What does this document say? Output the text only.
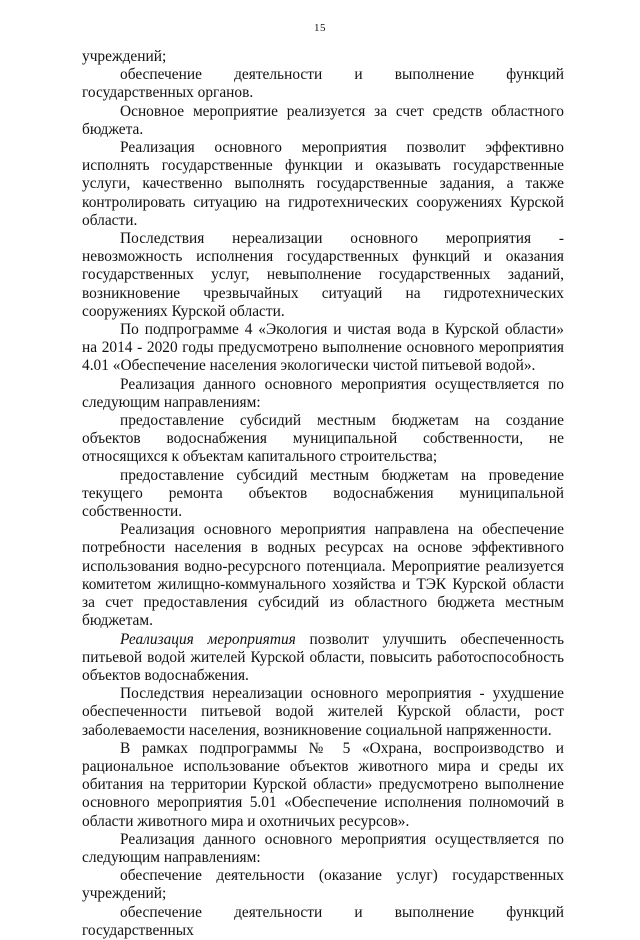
15

учреждений;

обеспечение деятельности и выполнение функций государственных органов.

Основное мероприятие реализуется за счет средств областного бюджета.

Реализация основного мероприятия позволит эффективно исполнять государственные функции и оказывать государственные услуги, качественно выполнять государственные задания, а также контролировать ситуацию на гидротехнических сооружениях Курской области.

Последствия нереализации основного мероприятия - невозможность исполнения государственных функций и оказания государственных услуг, невыполнение государственных заданий, возникновение чрезвычайных ситуаций на гидротехнических сооружениях Курской области.

По подпрограмме 4 «Экология и чистая вода в Курской области» на 2014 - 2020 годы предусмотрено выполнение основного мероприятия 4.01 «Обеспечение населения экологически чистой питьевой водой».

Реализация данного основного мероприятия осуществляется по следующим направлениям:

предоставление субсидий местным бюджетам на создание объектов водоснабжения муниципальной собственности, не относящихся к объектам капитального строительства;

предоставление субсидий местным бюджетам на проведение текущего ремонта объектов водоснабжения муниципальной собственности.

Реализация основного мероприятия направлена на обеспечение потребности населения в водных ресурсах на основе эффективного использования водно-ресурсного потенциала. Мероприятие реализуется комитетом жилищно-коммунального хозяйства и ТЭК Курской области за счет предоставления субсидий из областного бюджета местным бюджетам.

Реализация мероприятия позволит улучшить обеспеченность питьевой водой жителей Курской области, повысить работоспособность объектов водоснабжения.

Последствия нереализации основного мероприятия - ухудшение обеспеченности питьевой водой жителей Курской области, рост заболеваемости населения, возникновение социальной напряженности.

В рамках подпрограммы № 5 «Охрана, воспроизводство и рациональное использование объектов животного мира и среды их обитания на территории Курской области» предусмотрено выполнение основного мероприятия 5.01 «Обеспечение исполнения полномочий в области животного мира и охотничьих ресурсов».

Реализация данного основного мероприятия осуществляется по следующим направлениям:

обеспечение деятельности (оказание услуг) государственных учреждений;

обеспечение деятельности и выполнение функций государственных
